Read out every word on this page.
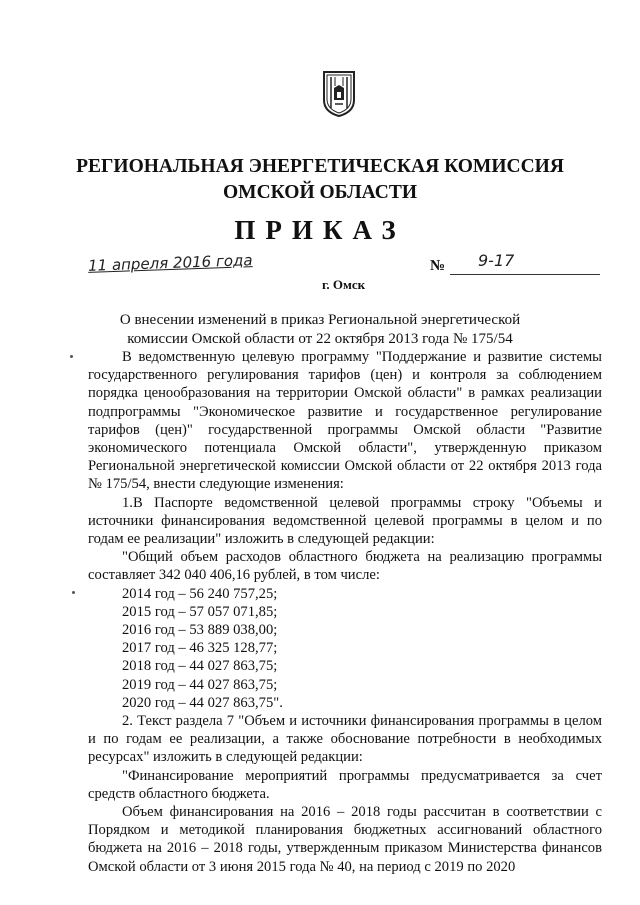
РЕГИОНАЛЬНАЯ ЭНЕРГЕТИЧЕСКАЯ КОМИССИЯ
ОМСКОЙ ОБЛАСТИ
ПРИКАЗ
11 апреля 2016 года
г. Омск
№ 9-17
О внесении изменений в приказ Региональной энергетической
комиссии Омской области от 22 октября 2013 года № 175/54

В ведомственную целевую программу "Поддержание и развитие системы государственного регулирования тарифов (цен) и контроля за соблюдением порядка ценообразования на территории Омской области" в рамках реализации подпрограммы "Экономическое развитие и государственное регулирование тарифов (цен)" государственной программы Омской области "Развитие экономического потенциала Омской области", утвержденную приказом Региональной энергетической комиссии Омской области от 22 октября 2013 года № 175/54, внести следующие изменения:

1.В Паспорте ведомственной целевой программы строку "Объемы и источники финансирования ведомственной целевой программы в целом и по годам ее реализации" изложить в следующей редакции:

"Общий объем расходов областного бюджета на реализацию программы составляет 342 040 406,16 рублей, в том числе:

2014 год – 56 240 757,25;

2015 год – 57 057 071,85;

2016 год – 53 889 038,00;

2017 год – 46 325 128,77;

2018 год – 44 027 863,75;

2019 год – 44 027 863,75;

2020 год – 44 027 863,75".

2. Текст раздела 7 "Объем и источники финансирования программы в целом и по годам ее реализации, а также обоснование потребности в необходимых ресурсах" изложить в следующей редакции:

"Финансирование мероприятий программы предусматривается за счет средств областного бюджета.

Объем финансирования на 2016 – 2018 годы рассчитан в соответствии с Порядком и методикой планирования бюджетных ассигнований областного бюджета на 2016 – 2018 годы, утвержденным приказом Министерства финансов Омской области от 3 июня 2015 года № 40, на период с 2019 по 2020
